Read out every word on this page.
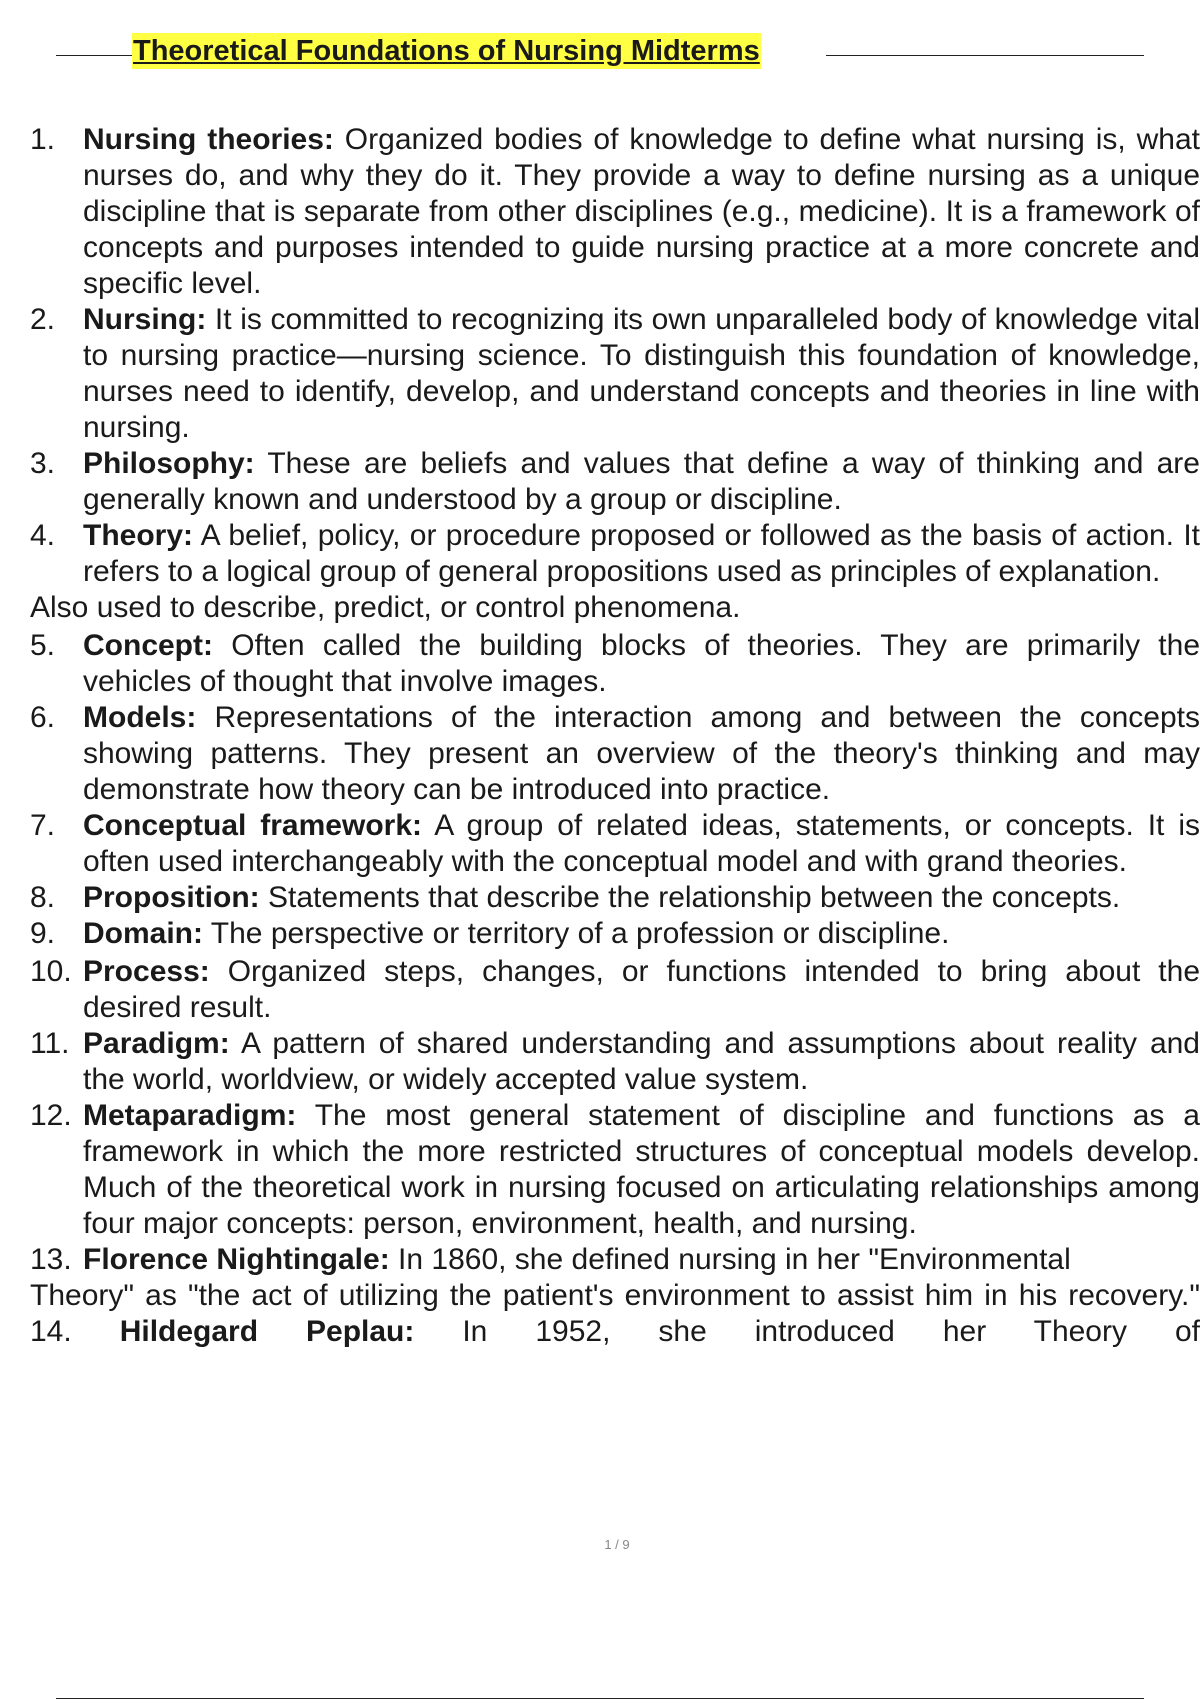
Theoretical Foundations of Nursing Midterms
1. Nursing theories: Organized bodies of knowledge to define what nursing is, what nurses do, and why they do it. They provide a way to define nursing as a unique discipline that is separate from other disciplines (e.g., medicine). It is a framework of concepts and purposes intended to guide nursing practice at a more concrete and specific level.
2. Nursing: It is committed to recognizing its own unparalleled body of knowledge vital to nursing practice—nursing science. To distinguish this foundation of knowledge, nurses need to identify, develop, and understand concepts and theories in line with nursing.
3. Philosophy: These are beliefs and values that define a way of thinking and are generally known and understood by a group or discipline.
4. Theory: A belief, policy, or procedure proposed or followed as the basis of action. It refers to a logical group of general propositions used as principles of explanation.
Also used to describe, predict, or control phenomena.
5. Concept: Often called the building blocks of theories. They are primarily the vehicles of thought that involve images.
6. Models: Representations of the interaction among and between the concepts showing patterns. They present an overview of the theory's thinking and may demonstrate how theory can be introduced into practice.
7. Conceptual framework: A group of related ideas, statements, or concepts. It is often used interchangeably with the conceptual model and with grand theories.
8. Proposition: Statements that describe the relationship between the concepts.
9. Domain: The perspective or territory of a profession or discipline.
10. Process: Organized steps, changes, or functions intended to bring about the desired result.
11. Paradigm: A pattern of shared understanding and assumptions about reality and the world, worldview, or widely accepted value system.
12. Metaparadigm: The most general statement of discipline and functions as a framework in which the more restricted structures of conceptual models develop. Much of the theoretical work in nursing focused on articulating relationships among four major concepts: person, environment, health, and nursing.
13. Florence Nightingale: In 1860, she defined nursing in her "Environmental
Theory" as "the act of utilizing the patient's environment to assist him in his recovery." 14. Hildegard Peplau: In 1952, she introduced her Theory of
1 / 9
